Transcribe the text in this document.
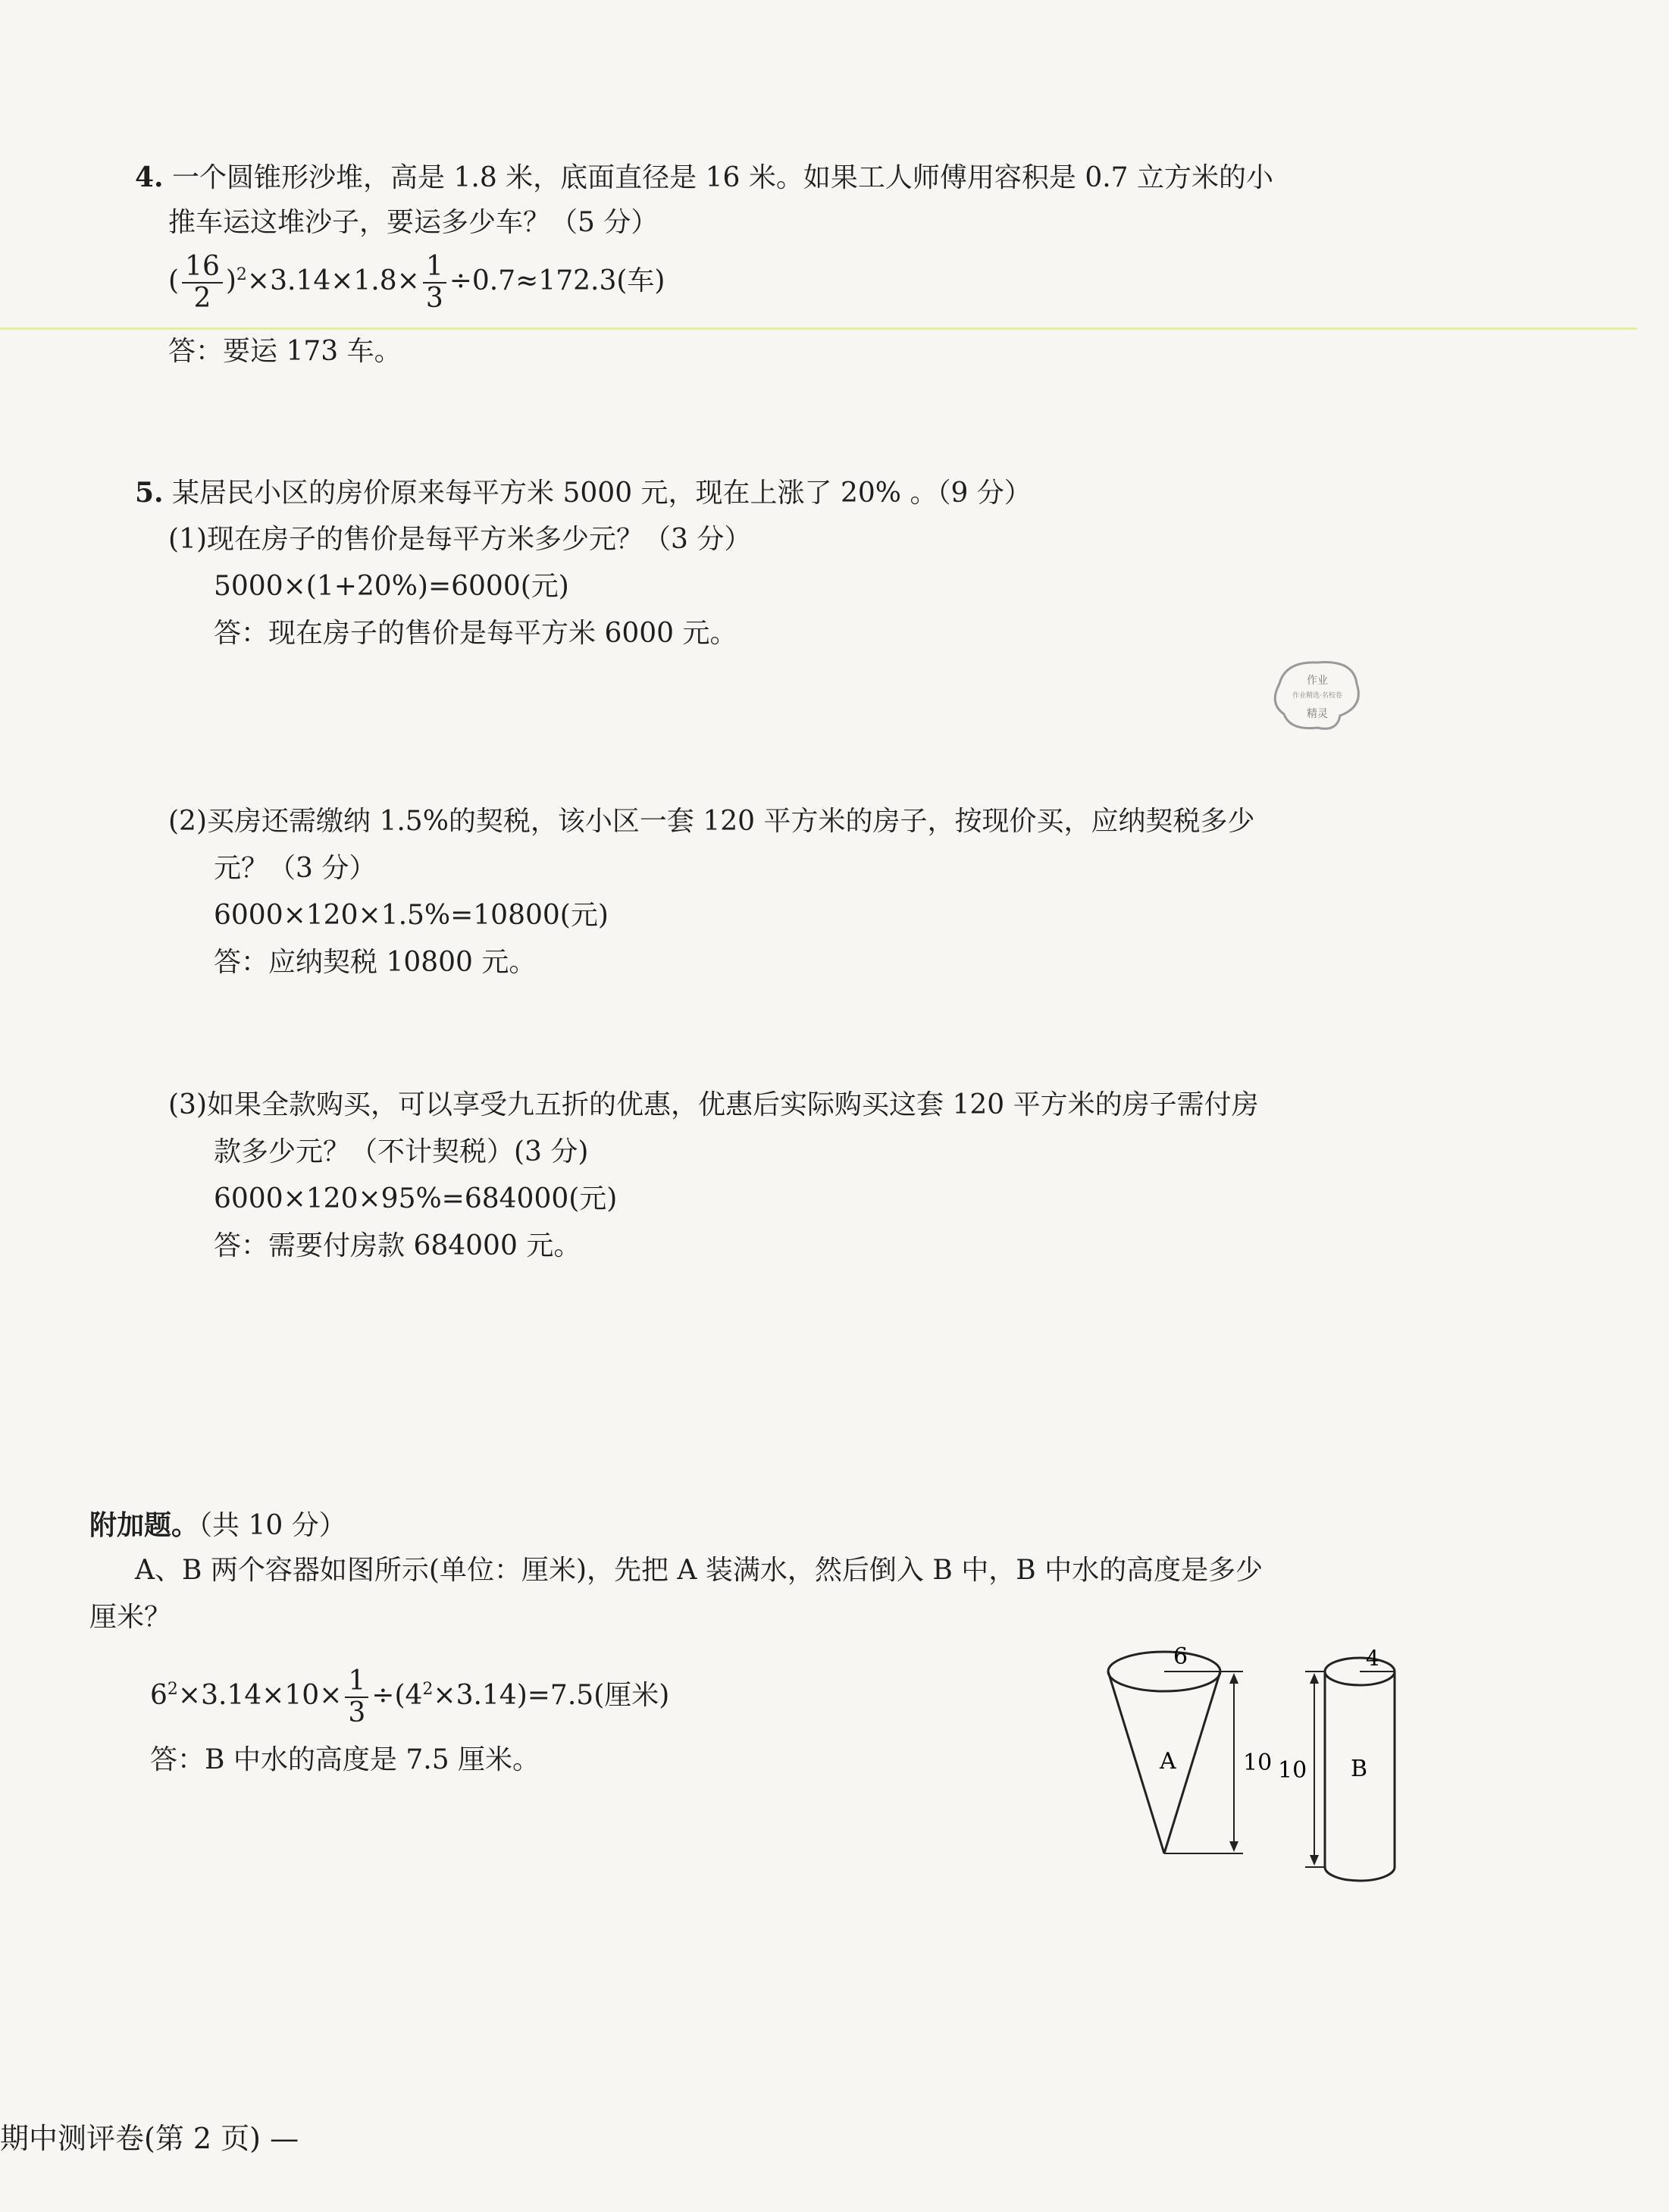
4. 一个圆锥形沙堆，高是 1.8 米，底面直径是 16 米。如果工人师傅用容积是 0.7 立方米的小
推车运这堆沙子，要运多少车？（5 分）
( $\frac{16}{2} )^2\times 3.14\times 1.8\times \frac{1}{3} \div 0.7\approx 172.3$(车)
答：要运 173 车。
5. 某居民小区的房价原来每平方米 5000 元，现在上涨了 20% 。（9 分）
(1)现在房子的售价是每平方米多少元？（3 分）
5000×(1+20%)=6000(元)
答：现在房子的售价是每平方米 6000 元。
(2)买房还需缴纳 1.5%的契税，该小区一套 120 平方米的房子，按现价买，应纳契税多少
元？（3 分）
6000×120×1.5%=10800(元)
答：应纳契税 10800 元。
(3)如果全款购买，可以享受九五折的优惠，优惠后实际购买这套 120 平方米的房子需付房
款多少元？（不计契税）(3 分)
6000×120×95%=684000(元)
答：需要付房款 684000 元。
作业
作业精选·名校卷
精灵
附加题。（共 10 分）
A、B 两个容器如图所示(单位：厘米)，先把 A 装满水，然后倒入 B 中，B 中水的高度是多少
厘米？
$6^2\times 3.14\times 10\times \frac{1}{3} \div(4^2\times 3.14)=7.5$(厘米)
答：B 中水的高度是 7.5 厘米。
6
A	10
4
B
10
期中测评卷(第 2 页) —
